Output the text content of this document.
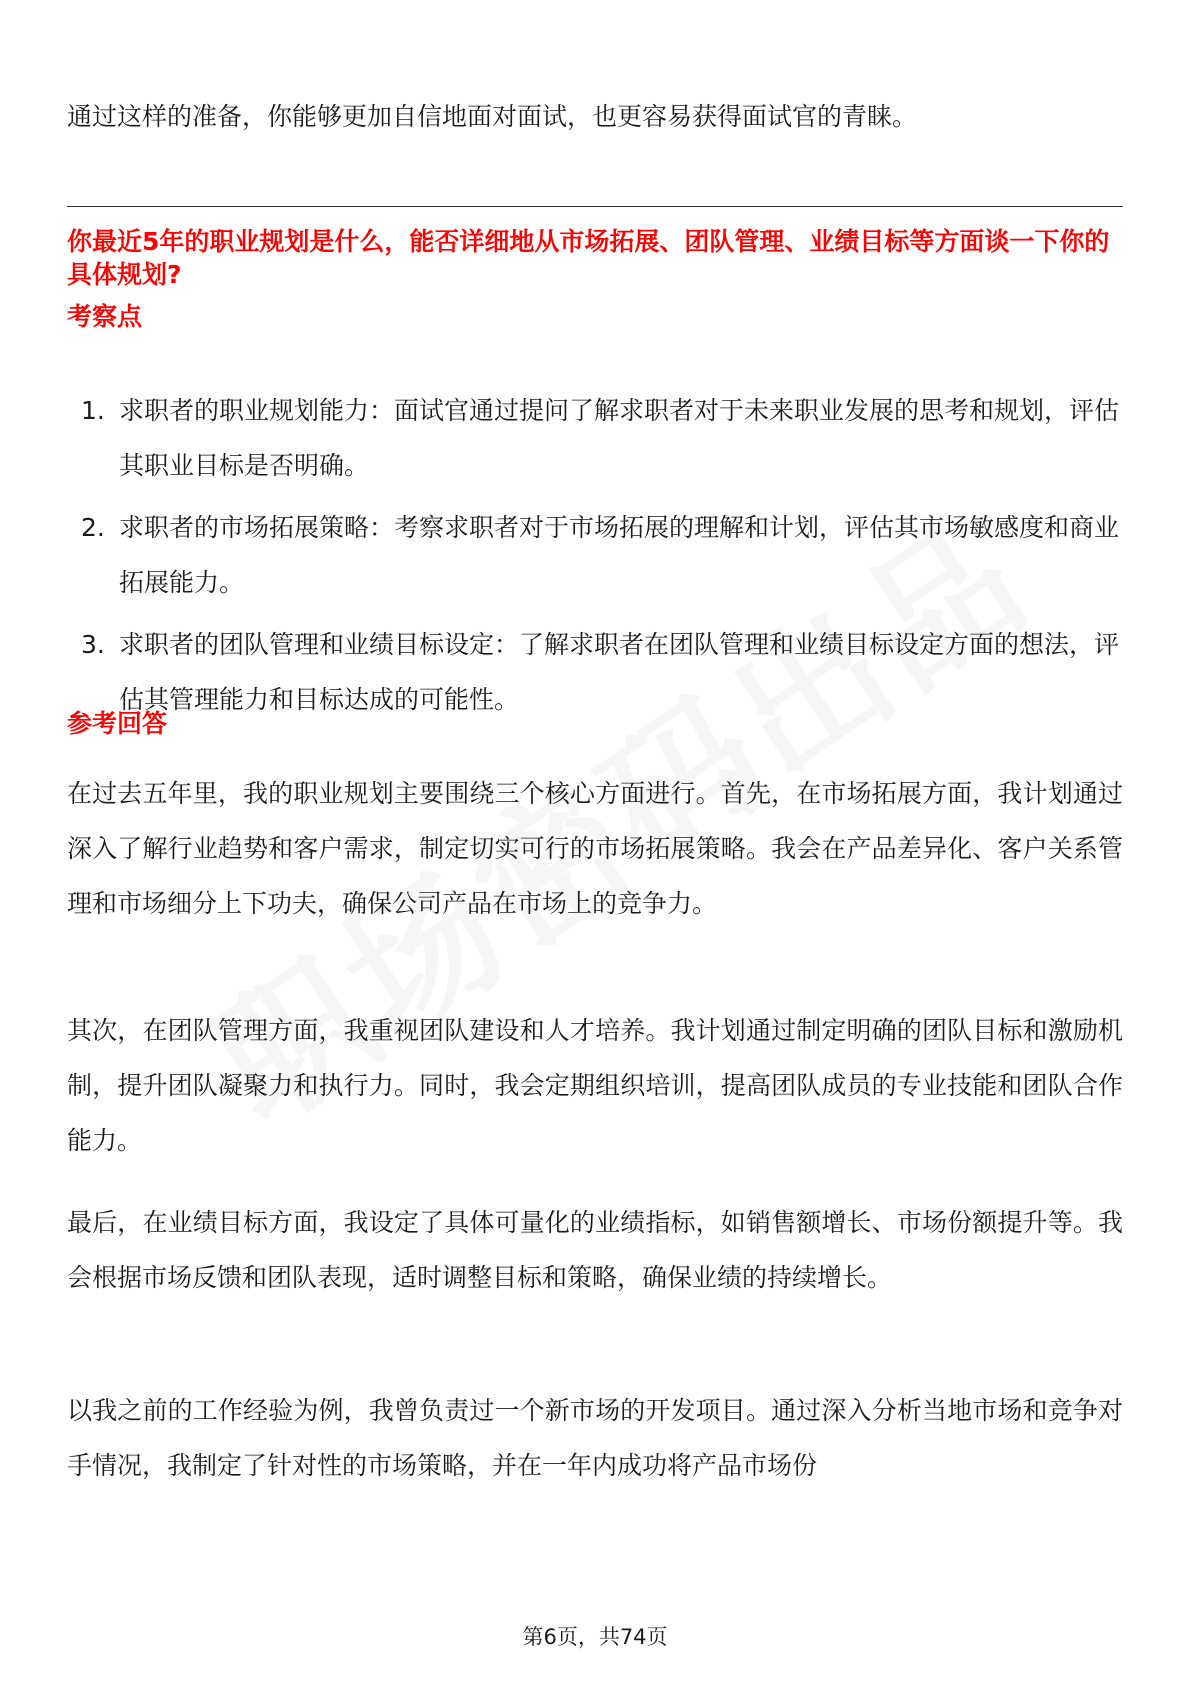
通过这样的准备，你能够更加自信地面对面试，也更容易获得面试官的青睐。

你最近5年的职业规划是什么，能否详细地从市场拓展、团队管理、业绩目标等方面谈一下你的具体规划?

考察点

1. 求职者的职业规划能力：面试官通过提问了解求职者对于未来职业发展的思考和规划，评估其职业目标是否明确。
2. 求职者的市场拓展策略：考察求职者对于市场拓展的理解和计划，评估其市场敏感度和商业拓展能力。
3. 求职者的团队管理和业绩目标设定：了解求职者在团队管理和业绩目标设定方面的想法，评估其管理能力和目标达成的可能性。

参考回答

在过去五年里，我的职业规划主要围绕三个核心方面进行。首先，在市场拓展方面，我计划通过深入了解行业趋势和客户需求，制定切实可行的市场拓展策略。我会在产品差异化、客户关系管理和市场细分上下功夫，确保公司产品在市场上的竞争力。

其次，在团队管理方面，我重视团队建设和人才培养。我计划通过制定明确的团队目标和激励机制，提升团队凝聚力和执行力。同时，我会定期组织培训，提高团队成员的专业技能和团队合作能力。

最后，在业绩目标方面，我设定了具体可量化的业绩指标，如销售额增长、市场份额提升等。我会根据市场反馈和团队表现，适时调整目标和策略，确保业绩的持续增长。

以我之前的工作经验为例，我曾负责过一个新市场的开发项目。通过深入分析当地市场和竞争对手情况，我制定了针对性的市场策略，并在一年内成功将产品市场份

第6页，共74页
